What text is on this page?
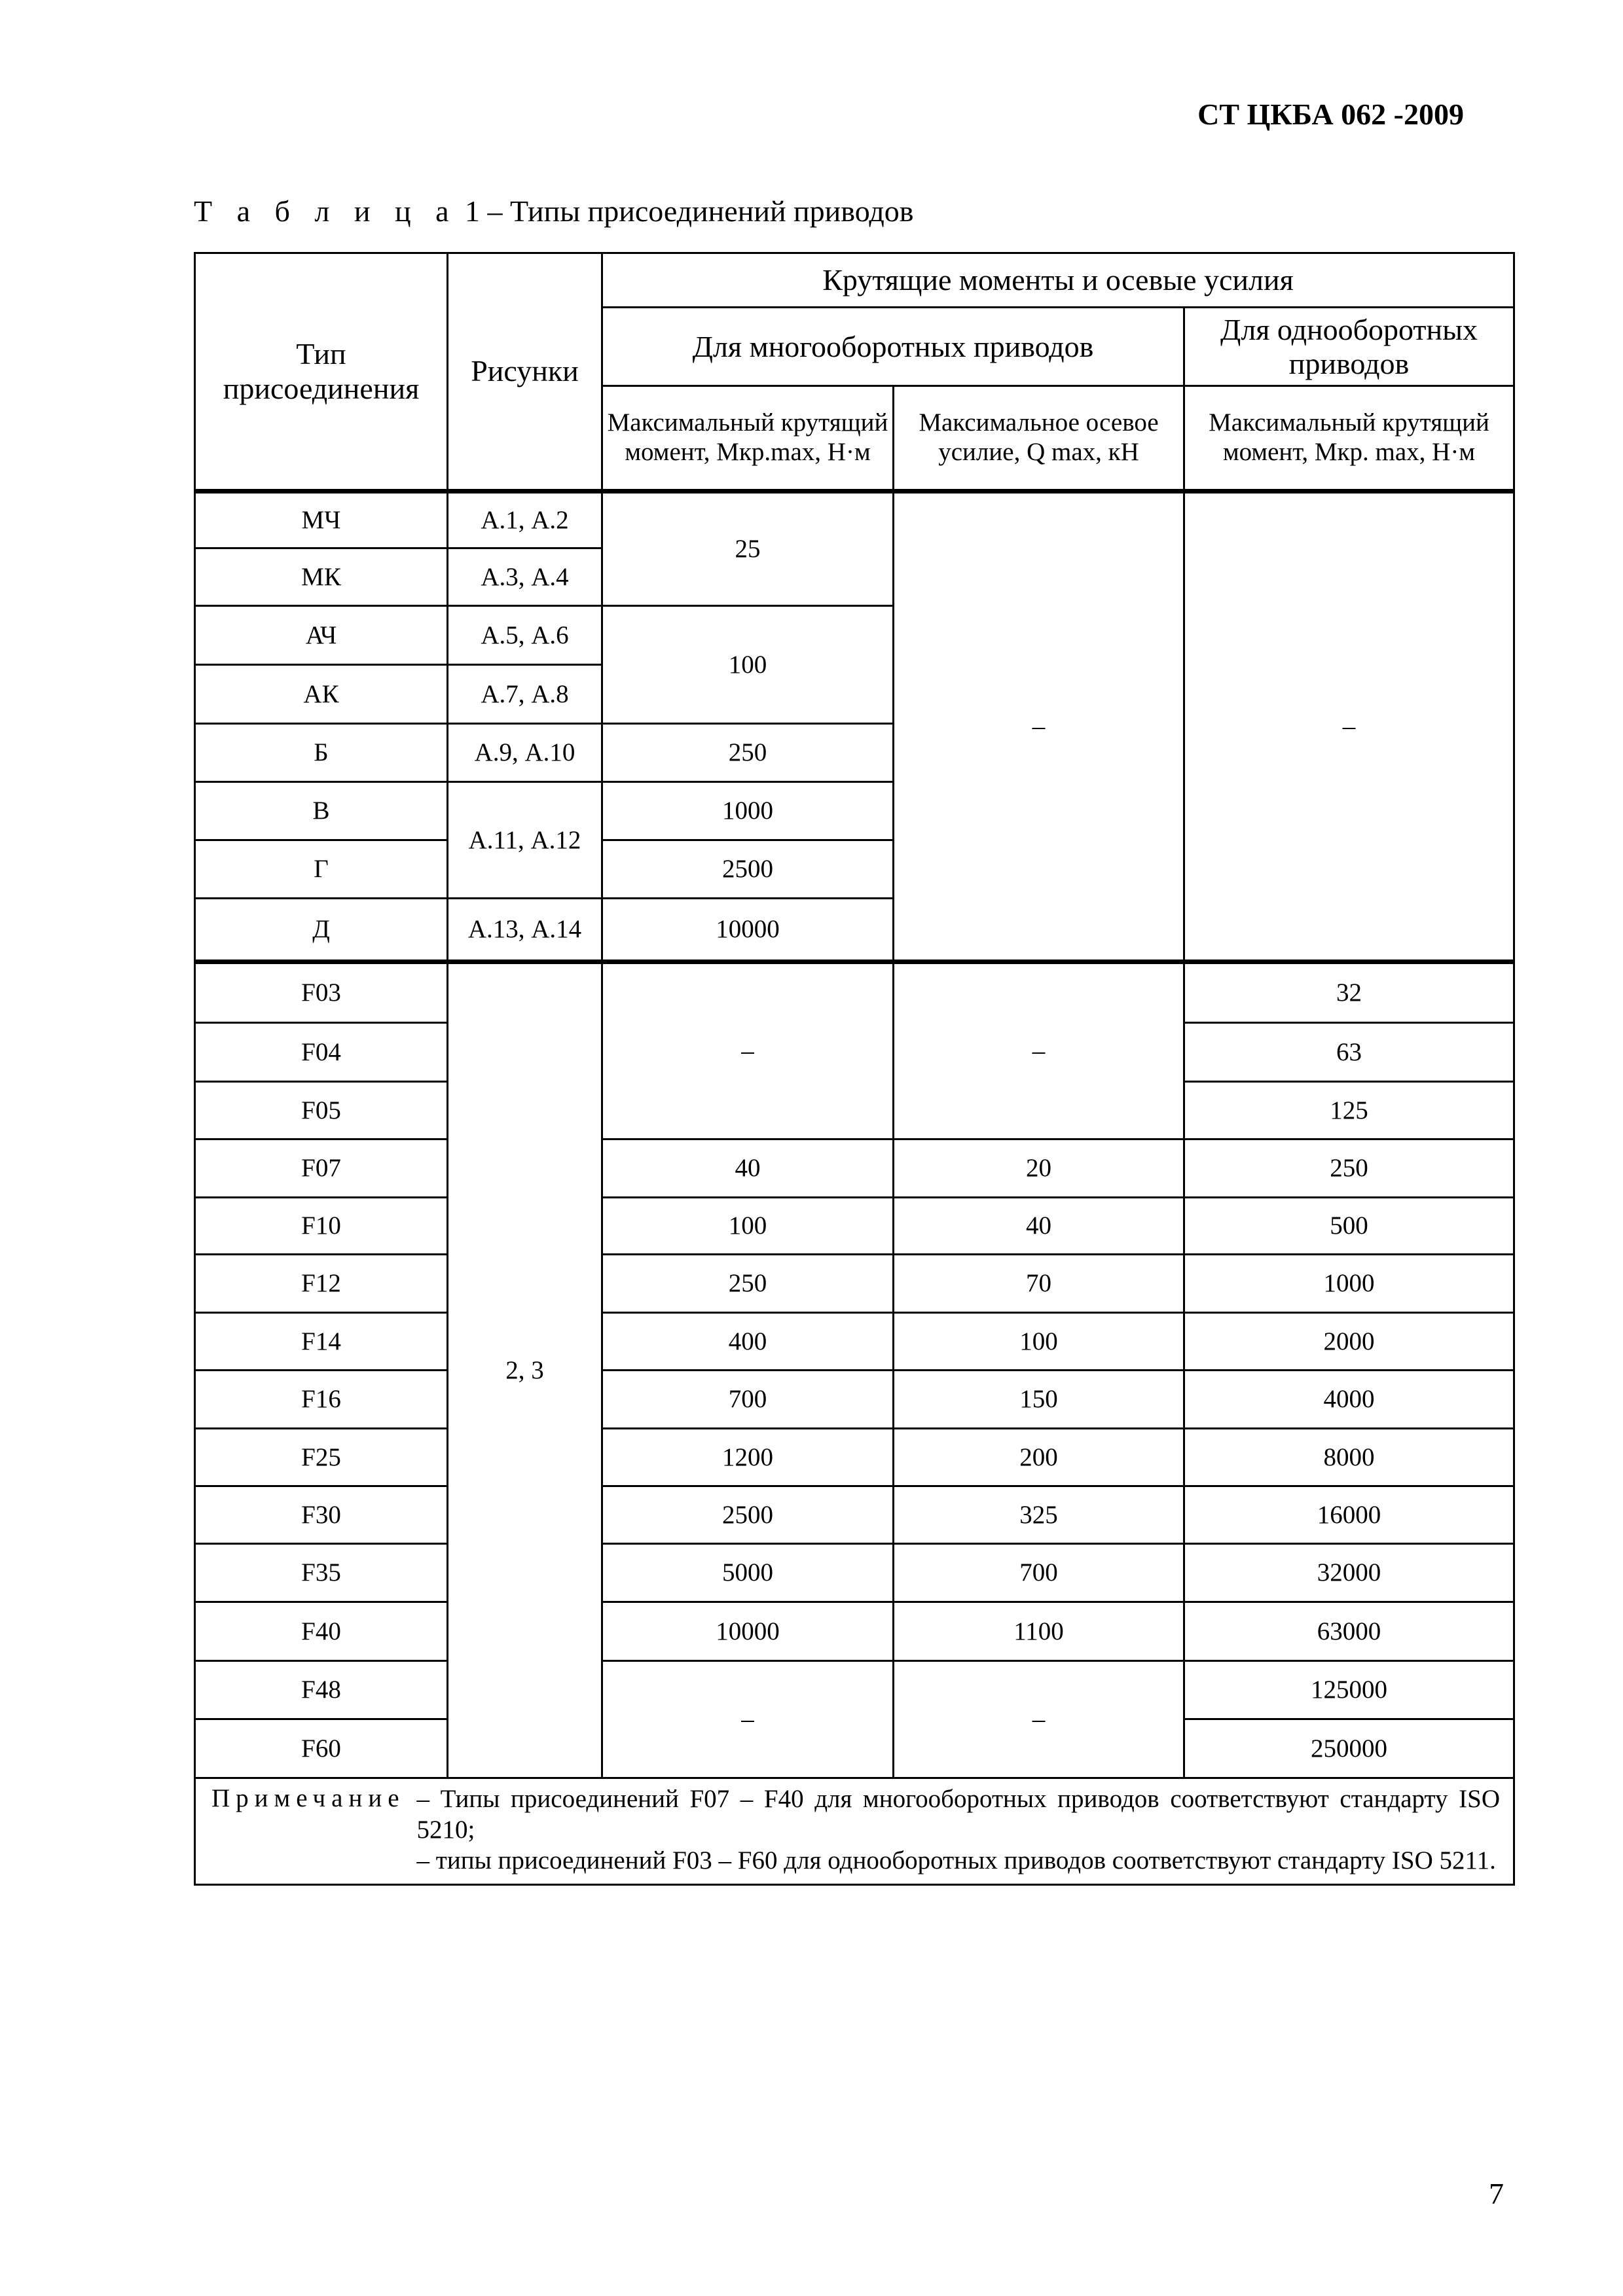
СТ ЦКБА 062 -2009
Т а б л и ц а 1 – Типы присоединений приводов
Тип присоединения	Рисунки	Крутящие моменты и осевые усилия		
		Для многооборотных приводов		Для однооборотных приводов
		Максимальный крутящий момент, Мкр.max, Н·м	Максимальное осевое усилие, Q max, кН	Максимальный крутящий момент, Мкр. max, Н·м
МЧ	А.1, А.2	25	–	–
МК	А.3, А.4			
АЧ	А.5, А.6	100		
АК	А.7, А.8			
Б	А.9, А.10	250		
В	А.11, А.12	1000		
Г		2500		
Д	А.13, А.14	10000		
F03	2, 3	–	–	32
F04				63
F05				125
F07		40	20	250
F10		100	40	500
F12		250	70	1000
F14		400	100	2000
F16		700	150	4000
F25		1200	200	8000
F30		2500	325	16000
F35		5000	700	32000
F40		10000	1100	63000
F48		–	–	125000
F60				250000

Примечание – Типы присоединений F07 – F40 для многооборотных приводов соответствуют стандарту ISO 5210;

– типы присоединений F03 – F60 для однооборотных приводов соответствуют стандарту ISO 5211.				

7
